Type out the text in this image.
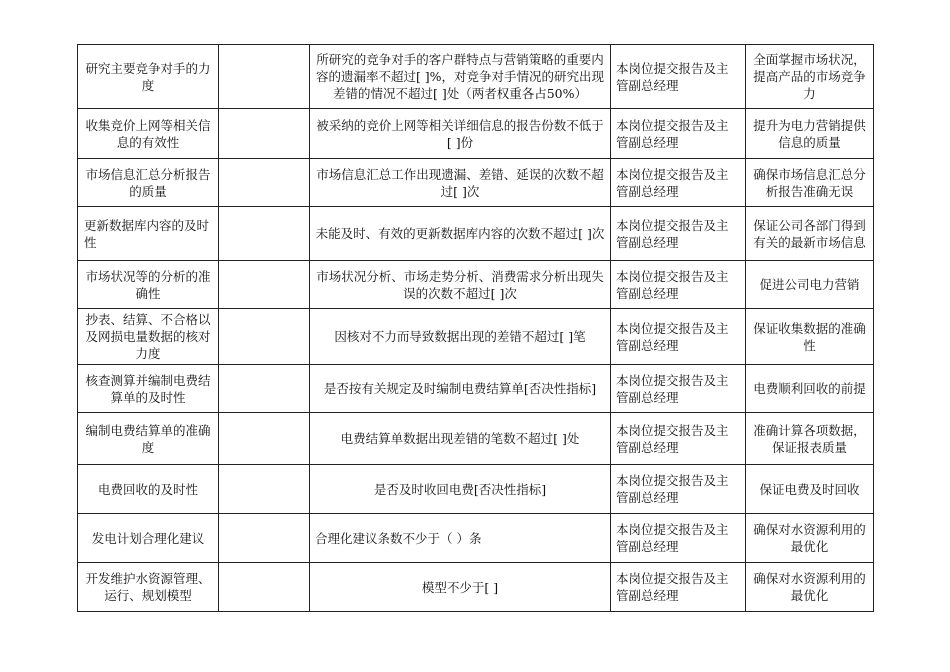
研究主要竞争对手的力度		所研究的竞争对手的客户群特点与营销策略的重要内容的遗漏率不超过[ ]%，对竞争对手情况的研究出现差错的情况不超过[ ]处（两者权重各占50%）	本岗位提交报告及主管副总经理	全面掌握市场状况，提高产品的市场竞争力
收集竞价上网等相关信息的有效性		被采纳的竞价上网等相关详细信息的报告份数不低于[ ]份	本岗位提交报告及主管副总经理	提升为电力营销提供信息的质量
市场信息汇总分析报告的质量		市场信息汇总工作出现遗漏、差错、延误的次数不超过[ ]次	本岗位提交报告及主管副总经理	确保市场信息汇总分析报告准确无误
更新数据库内容的及时性		未能及时、有效的更新数据库内容的次数不超过[ ]次	本岗位提交报告及主管副总经理	保证公司各部门得到有关的最新市场信息
市场状况等的分析的准确性		市场状况分析、市场走势分析、消费需求分析出现失误的次数不超过[ ]次	本岗位提交报告及主管副总经理	促进公司电力营销
抄表、结算、不合格以及网损电量数据的核对力度		因核对不力而导致数据出现的差错不超过[ ]笔	本岗位提交报告及主管副总经理	保证收集数据的准确性
核查测算并编制电费结算单的及时性		是否按有关规定及时编制电费结算单[否决性指标]	本岗位提交报告及主管副总经理	电费顺利回收的前提
编制电费结算单的准确度		电费结算单数据出现差错的笔数不超过[ ]处	本岗位提交报告及主管副总经理	准确计算各项数据，保证报表质量
电费回收的及时性		是否及时收回电费[否决性指标]	本岗位提交报告及主管副总经理	保证电费及时回收
发电计划合理化建议		合理化建议条数不少于（ ）条	本岗位提交报告及主管副总经理	确保对水资源利用的最优化
开发维护水资源管理、运行、规划模型		模型不少于[ ]	本岗位提交报告及主管副总经理	确保对水资源利用的最优化
